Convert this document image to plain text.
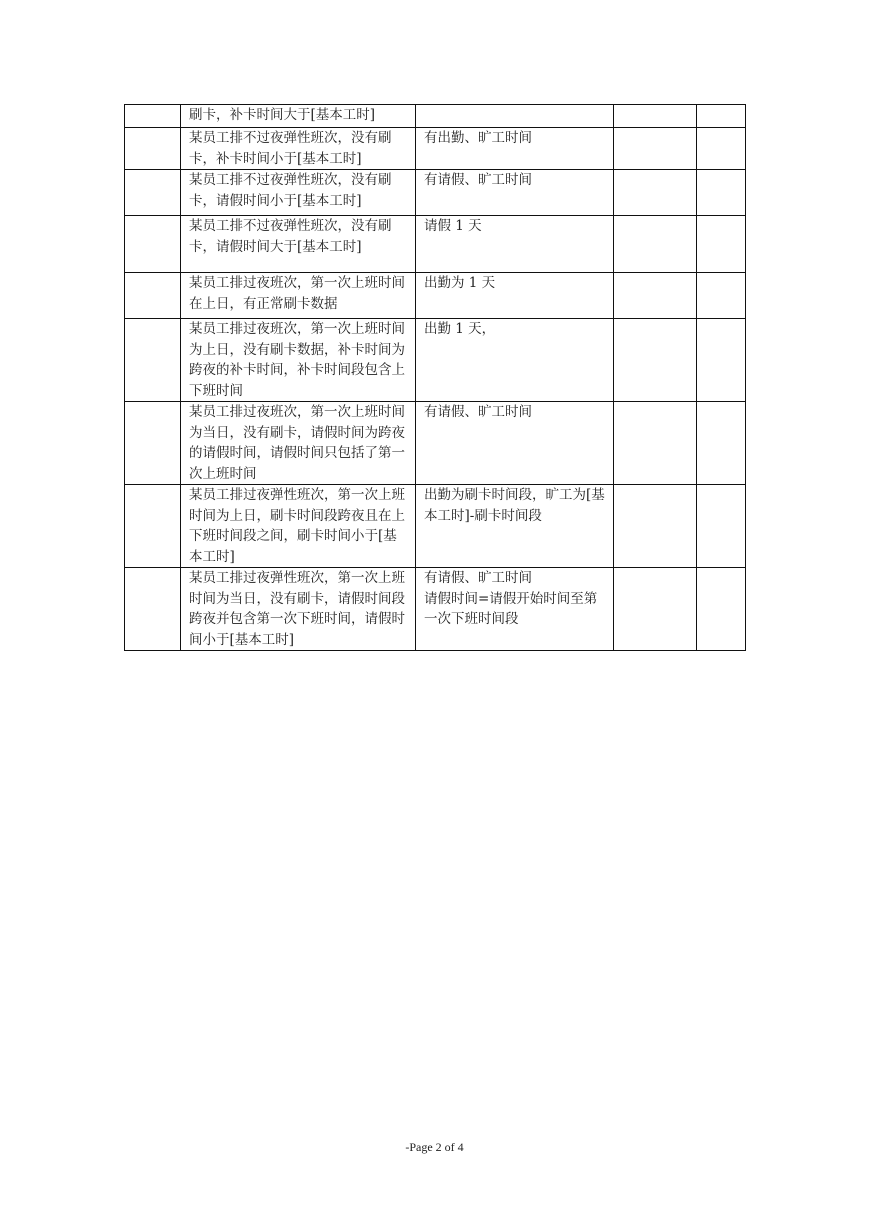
	刷卡，补卡时间大于[基本工时]			
	某员工排不过夜弹性班次，没有刷卡，补卡时间小于[基本工时]	有出勤、旷工时间		

	某员工排不过夜弹性班次，没有刷卡，请假时间小于[基本工时]	有请假、旷工时间		

	某员工排不过夜弹性班次，没有刷卡，请假时间大于[基本工时]	请假 1 天		

	某员工排过夜班次，第一次上班时间在上日，有正常刷卡数据	出勤为 1 天		

	某员工排过夜班次，第一次上班时间为上日，没有刷卡数据，补卡时间为跨夜的补卡时间，补卡时间段包含上下班时间	出勤 1 天，		

	某员工排过夜班次，第一次上班时间为当日，没有刷卡，请假时间为跨夜的请假时间，请假时间只包括了第一次上班时间	有请假、旷工时间		

	某员工排过夜弹性班次，第一次上班时间为上日，刷卡时间段跨夜且在上下班时间段之间，刷卡时间小于[基本工时]	出勤为刷卡时间段，旷工为[基本工时]-刷卡时间段		

	某员工排过夜弹性班次，第一次上班时间为当日，没有刷卡，请假时间段跨夜并包含第一次下班时间，请假时间小于[基本工时]	有请假、旷工时间
请假时间=请假开始时间至第一次下班时间段		

-Page 2 of 4
